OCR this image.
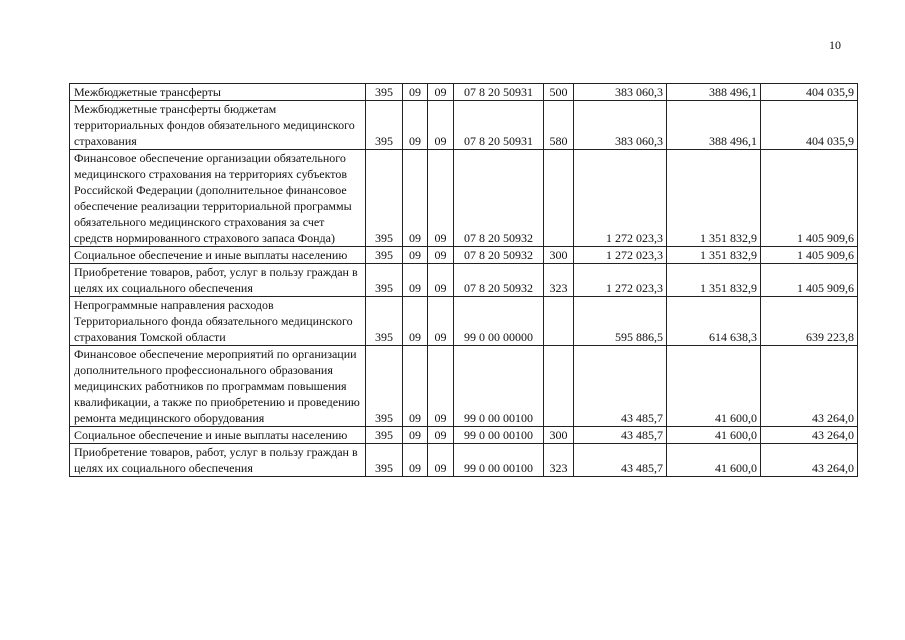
10
Межбюджетные трансферты	395	09	09	07 8 20 50931	500	383 060,3	388 496,1	404 035,9

Межбюджетные трансферты бюджетам территориальных фондов обязательного медицинского страхования	395	09	09	07 8 20 50931	580	383 060,3	388 496,1	404 035,9

Финансовое обеспечение организации обязательного медицинского страхования на территориях субъектов Российской Федерации (дополнительное финансовое обеспечение реализации территориальной программы обязательного медицинского страхования за счет средств нормированного страхового запаса Фонда)	395	09	09	07 8 20 50932		1 272 023,3	1 351 832,9	1 405 909,6

Социальное обеспечение и иные выплаты населению	395	09	09	07 8 20 50932	300	1 272 023,3	1 351 832,9	1 405 909,6

Приобретение товаров, работ, услуг в пользу граждан в целях их социального обеспечения	395	09	09	07 8 20 50932	323	1 272 023,3	1 351 832,9	1 405 909,6

Непрограммные направления расходов Территориального фонда обязательного медицинского страхования Томской области	395	09	09	99 0 00 00000		595 886,5	614 638,3	639 223,8

Финансовое обеспечение мероприятий по организации дополнительного профессионального образования медицинских работников по программам повышения квалификации, а также по приобретению и проведению ремонта медицинского оборудования	395	09	09	99 0 00 00100		43 485,7	41 600,0	43 264,0

Социальное обеспечение и иные выплаты населению	395	09	09	99 0 00 00100	300	43 485,7	41 600,0	43 264,0

Приобретение товаров, работ, услуг в пользу граждан в целях их социального обеспечения	395	09	09	99 0 00 00100	323	43 485,7	41 600,0	43 264,0
